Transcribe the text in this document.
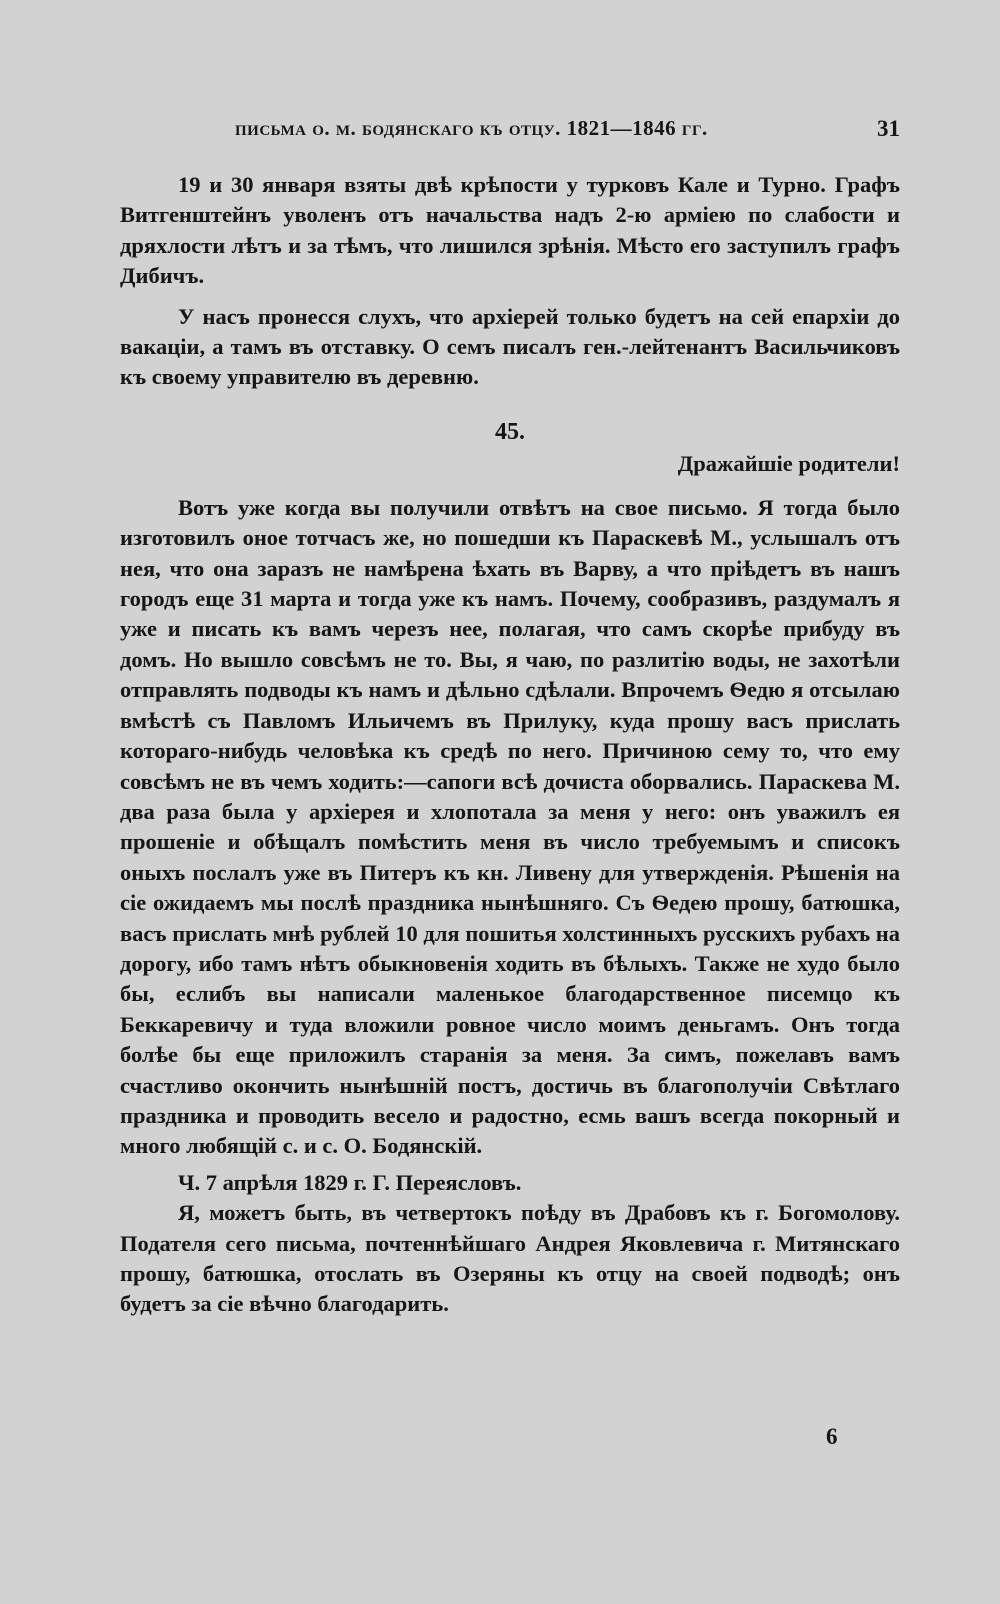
письма о. м. бодянскаго къ отцу. 1821—1846 гг.	31

19 и 30 января взяты двѣ крѣпости у турковъ Кале и Турно. Графъ Витгенштейнъ уволенъ отъ начальства надъ 2-ю арміею по слабости и дряхлости лѣтъ и за тѣмъ, что лишился зрѣнія. Мѣсто его заступилъ графъ Дибичъ.

У насъ пронесся слухъ, что архіерей только будетъ на сей епархіи до вакаціи, а тамъ въ отставку. О семъ писалъ ген.-лейтенантъ Васильчиковъ къ своему управителю въ деревню.

45.
Дражайшіе родители!

Вотъ уже когда вы получили отвѣтъ на свое письмо. Я тогда было изготовилъ оное тотчасъ же, но пошедши къ Параскевѣ М., услышалъ отъ нея, что она заразъ не намѣрена ѣхать въ Варву, а что пріѣдетъ въ нашъ городъ еще 31 марта и тогда уже къ намъ. Почему, сообразивъ, раздумалъ я уже и писать къ вамъ черезъ нее, полагая, что самъ скорѣе прибуду въ домъ. Но вышло совсѣмъ не то. Вы, я чаю, по разлитію воды, не захотѣли отправлять подводы къ намъ и дѣльно сдѣлали. Впрочемъ Ѳедю я отсылаю вмѣстѣ съ Павломъ Ильичемъ въ Прилуку, куда прошу васъ прислать котораго-нибудь человѣка къ средѣ по него. Причиною сему то, что ему совсѣмъ не въ чемъ ходить:—сапоги всѣ дочиста оборвались. Параскева М. два раза была у архіерея и хлопотала за меня у него: онъ уважилъ ея прошеніе и обѣщалъ помѣстить меня въ число требуемымъ и списокъ оныхъ послалъ уже въ Питеръ къ кн. Ливену для утвержденія. Рѣшенія на сіе ожидаемъ мы послѣ праздника нынѣшняго. Съ Ѳедею прошу, батюшка, васъ прислать мнѣ рублей 10 для пошитья холстинныхъ русскихъ рубахъ на дорогу, ибо тамъ нѣтъ обыкновенія ходить въ бѣлыхъ. Также не худо было бы, еслибъ вы написали маленькое благодарственное писемцо къ Беккаревичу и туда вложили ровное число моимъ деньгамъ. Онъ тогда болѣе бы еще приложилъ старанія за меня. За симъ, пожелавъ вамъ счастливо окончить нынѣшній постъ, достичь въ благополучіи Свѣтлаго праздника и проводить весело и радостно, есмь вашъ всегда покорный и много любящій с. и с. О. Бодянскій.

Ч. 7 апрѣля 1829 г. Г. Переясловъ.

Я, можетъ быть, въ четвертокъ поѣду въ Драбовъ къ г. Богомолову. Подателя сего письма, почтеннѣйшаго Андрея Яковлевича г. Митянскаго прошу, батюшка, отослать въ Озеряны къ отцу на своей подводѣ; онъ будетъ за сіе вѣчно благодарить.

6
